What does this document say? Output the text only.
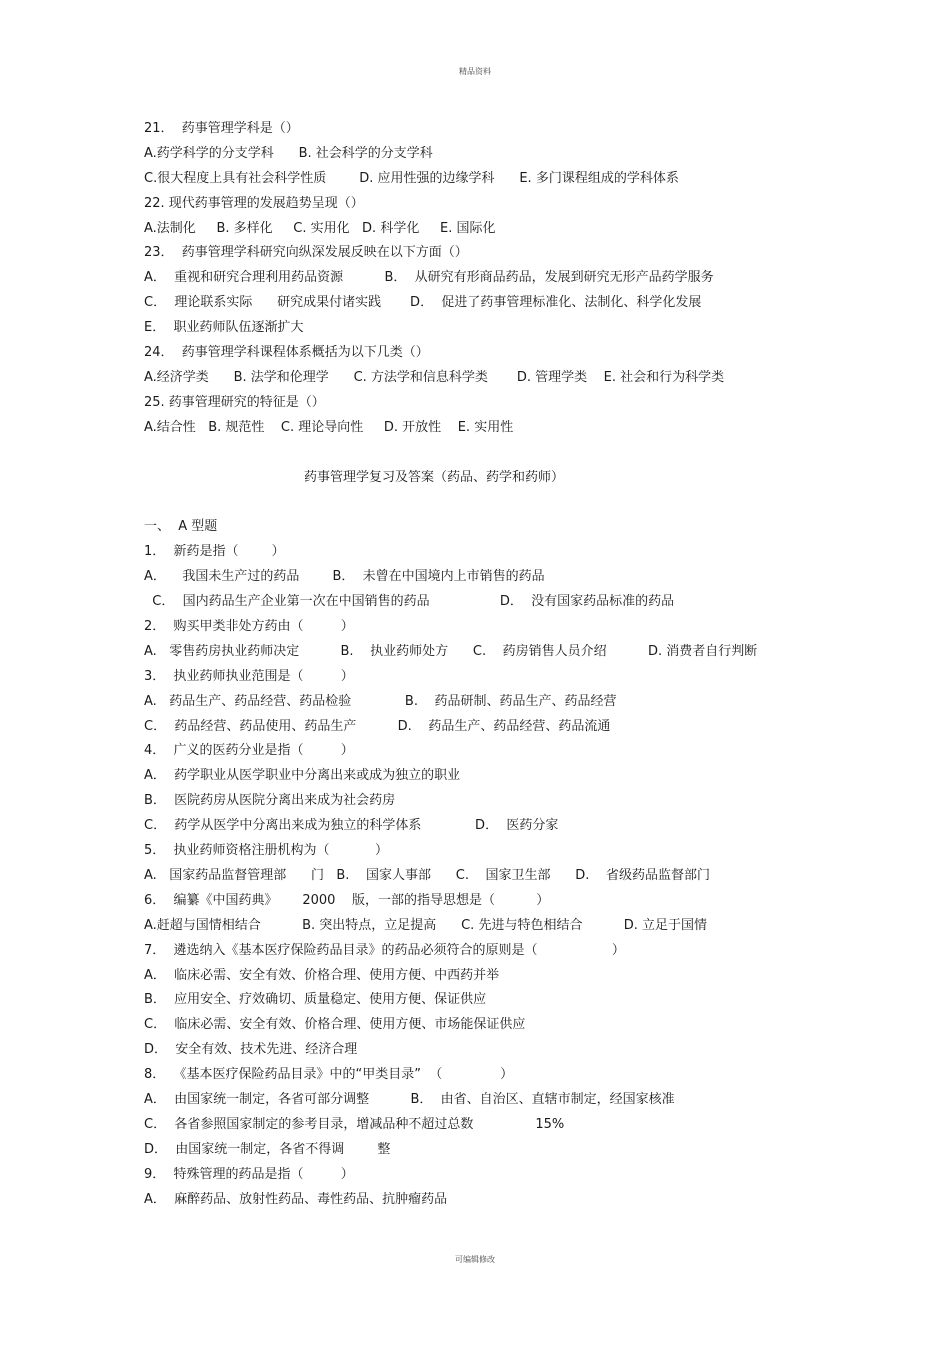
精品资料
21．  药事管理学科是（）
A.药学科学的分支学科      B. 社会科学的分支学科
C.很大程度上具有社会科学性质        D. 应用性强的边缘学科      E. 多门课程组成的学科体系
22. 现代药事管理的发展趋势呈现（）
A.法制化     B. 多样化     C. 实用化   D. 科学化     E. 国际化
23．  药事管理学科研究向纵深发展反映在以下方面（）
A．  重视和研究合理利用药品资源          B．  从研究有形商品药品，发展到研究无形产品药学服务
C．  理论联系实际      研究成果付诸实践       D．  促进了药事管理标准化、法制化、科学化发展
E．  职业药师队伍逐渐扩大
24．  药事管理学科课程体系概括为以下几类（）
A.经济学类      B. 法学和伦理学      C. 方法学和信息科学类       D. 管理学类    E. 社会和行为科学类
25. 药事管理研究的特征是（）
A.结合性   B. 规范性    C. 理论导向性     D. 开放性    E. 实用性
药事管理学复习及答案（药品、药学和药师）
一、  A 型题
1．  新药是指（        ）
A．    我国未生产过的药品        B．  未曾在中国境内上市销售的药品
C．  国内药品生产企业第一次在中国销售的药品                 D．  没有国家药品标准的药品
2．  购买甲类非处方药由（         ）
A.   零售药房执业药师决定          B.    执业药师处方      C.    药房销售人员介绍          D. 消费者自行判断
3．  执业药师执业范围是（         ）
A.   药品生产、药品经营、药品检验             B.    药品研制、药品生产、药品经营
C．  药品经营、药品使用、药品生产          D.    药品生产、药品经营、药品流通
4．  广义的医药分业是指（         ）
A．  药学职业从医学职业中分离出来或成为独立的职业
B．  医院药房从医院分离出来成为社会药房
C．  药学从医学中分离出来成为独立的科学体系             D．  医药分家
5．  执业药师资格注册机构为（           ）
A.   国家药品监督管理部      门   B.    国家人事部      C.    国家卫生部      D.    省级药品监督部门
6．  编纂《中国药典》      2000    版，一部的指导思想是（          ）
A.赶超与国情相结合          B. 突出特点，立足提高      C. 先进与特色相结合          D. 立足于国情
7．  遴选纳入《基本医疗保险药品目录》的药品必须符合的原则是（                  ）
A．  临床必需、安全有效、价格合理、使用方便、中西药并举
B．  应用安全、疗效确切、质量稳定、使用方便、保证供应
C．  临床必需、安全有效、价格合理、使用方便、市场能保证供应
D．  安全有效、技术先进、经济合理
8．  《基本医疗保险药品目录》中的“甲类目录”  （              ）
A．  由国家统一制定，各省可部分调整          B．  由省、自治区、直辖市制定，经国家核准
C．  各省参照国家制定的参考目录，增减品种不超过总数               15%
D．  由国家统一制定，各省不得调        整
9．  特殊管理的药品是指（         ）
A．  麻醉药品、放射性药品、毒性药品、抗肿瘤药品
可编辑修改
